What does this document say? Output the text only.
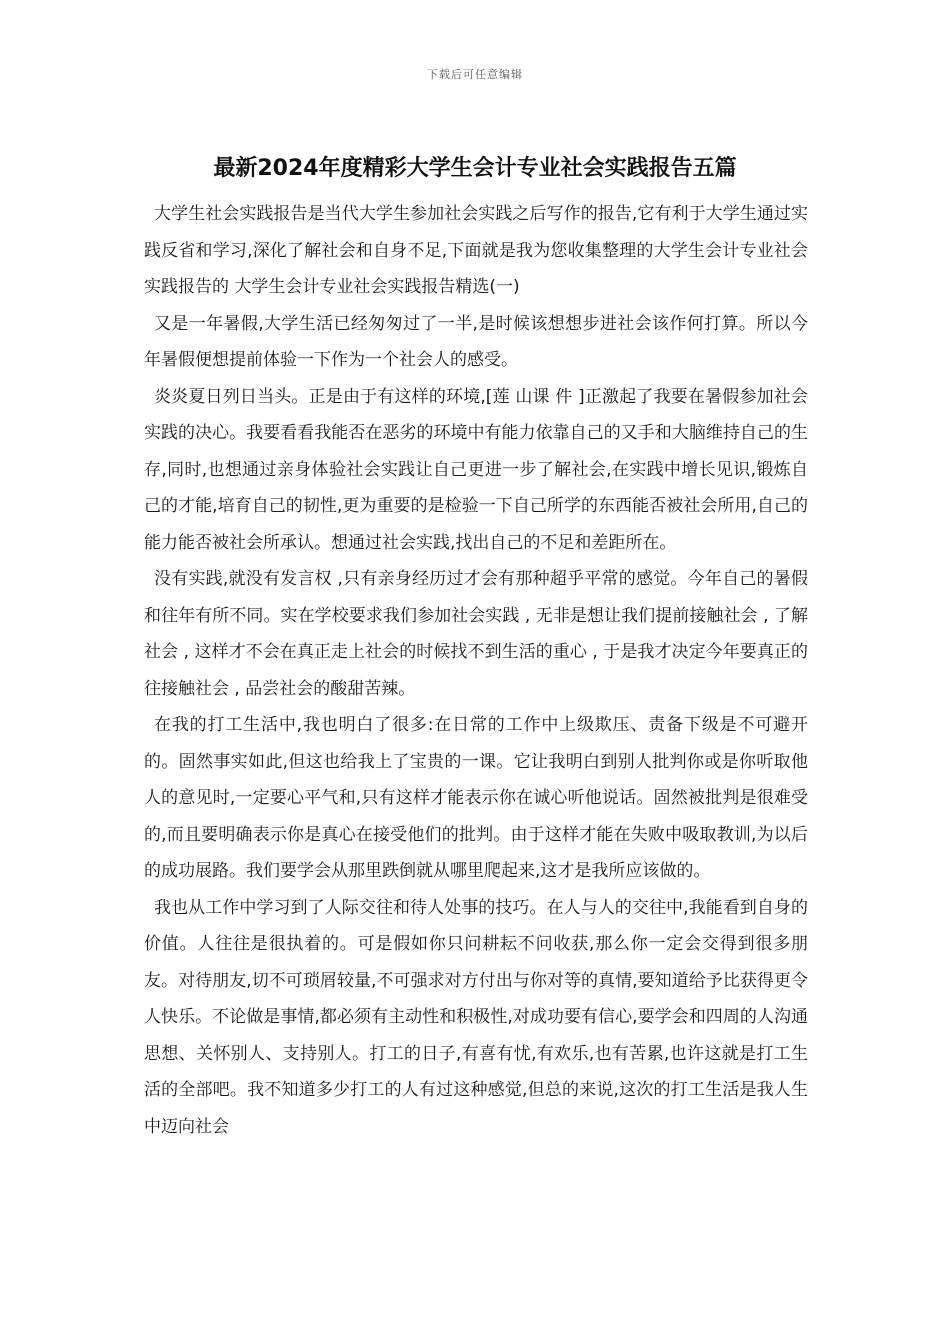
下载后可任意编辑
最新2024年度精彩大学生会计专业社会实践报告五篇

大学生社会实践报告是当代大学生参加社会实践之后写作的报告,它有利于大学生通过实践反省和学习,深化了解社会和自身不足,下面就是我为您收集整理的大学生会计专业社会实践报告的 大学生会计专业社会实践报告精选(一)

又是一年暑假,大学生活已经匆匆过了一半,是时候该想想步进社会该作何打算。所以今年暑假便想提前体验一下作为一个社会人的感受。

炎炎夏日列日当头。正是由于有这样的环境,[莲 山课 件 ]正激起了我要在暑假参加社会实践的决心。我要看看我能否在恶劣的环境中有能力依靠自己的又手和大脑维持自己的生存,同时,也想通过亲身体验社会实践让自己更进一步了解社会,在实践中增长见识,锻炼自己的才能,培育自己的韧性,更为重要的是检验一下自己所学的东西能否被社会所用,自己的能力能否被社会所承认。想通过社会实践,找出自己的不足和差距所在。

没有实践,就没有发言权 ,只有亲身经历过才会有那种超乎平常的感觉。今年自己的暑假和往年有所不同。实在学校要求我们参加社会实践 , 无非是想让我们提前接触社会 , 了解社会 , 这样才不会在真正走上社会的时候找不到生活的重心 , 于是我才决定今年要真正的往接触社会 , 品尝社会的酸甜苦辣。

在我的打工生活中,我也明白了很多:在日常的工作中上级欺压、责备下级是不可避开的。固然事实如此,但这也给我上了宝贵的一课。它让我明白到别人批判你或是你听取他人的意见时,一定要心平气和,只有这样才能表示你在诚心听他说话。固然被批判是很难受的,而且要明确表示你是真心在接受他们的批判。由于这样才能在失败中吸取教训,为以后的成功展路。我们要学会从那里跌倒就从哪里爬起来,这才是我所应该做的。

我也从工作中学习到了人际交往和待人处事的技巧。在人与人的交往中,我能看到自身的价值。人往往是很执着的。可是假如你只问耕耘不问收获,那么你一定会交得到很多朋友。对待朋友,切不可琐屑较量,不可强求对方付出与你对等的真情,要知道给予比获得更令人快乐。不论做是事情,都必须有主动性和积极性,对成功要有信心,要学会和四周的人沟通思想、关怀别人、支持别人。打工的日子,有喜有忧,有欢乐,也有苦累,也许这就是打工生活的全部吧。我不知道多少打工的人有过这种感觉,但总的来说,这次的打工生活是我人生中迈向社会
